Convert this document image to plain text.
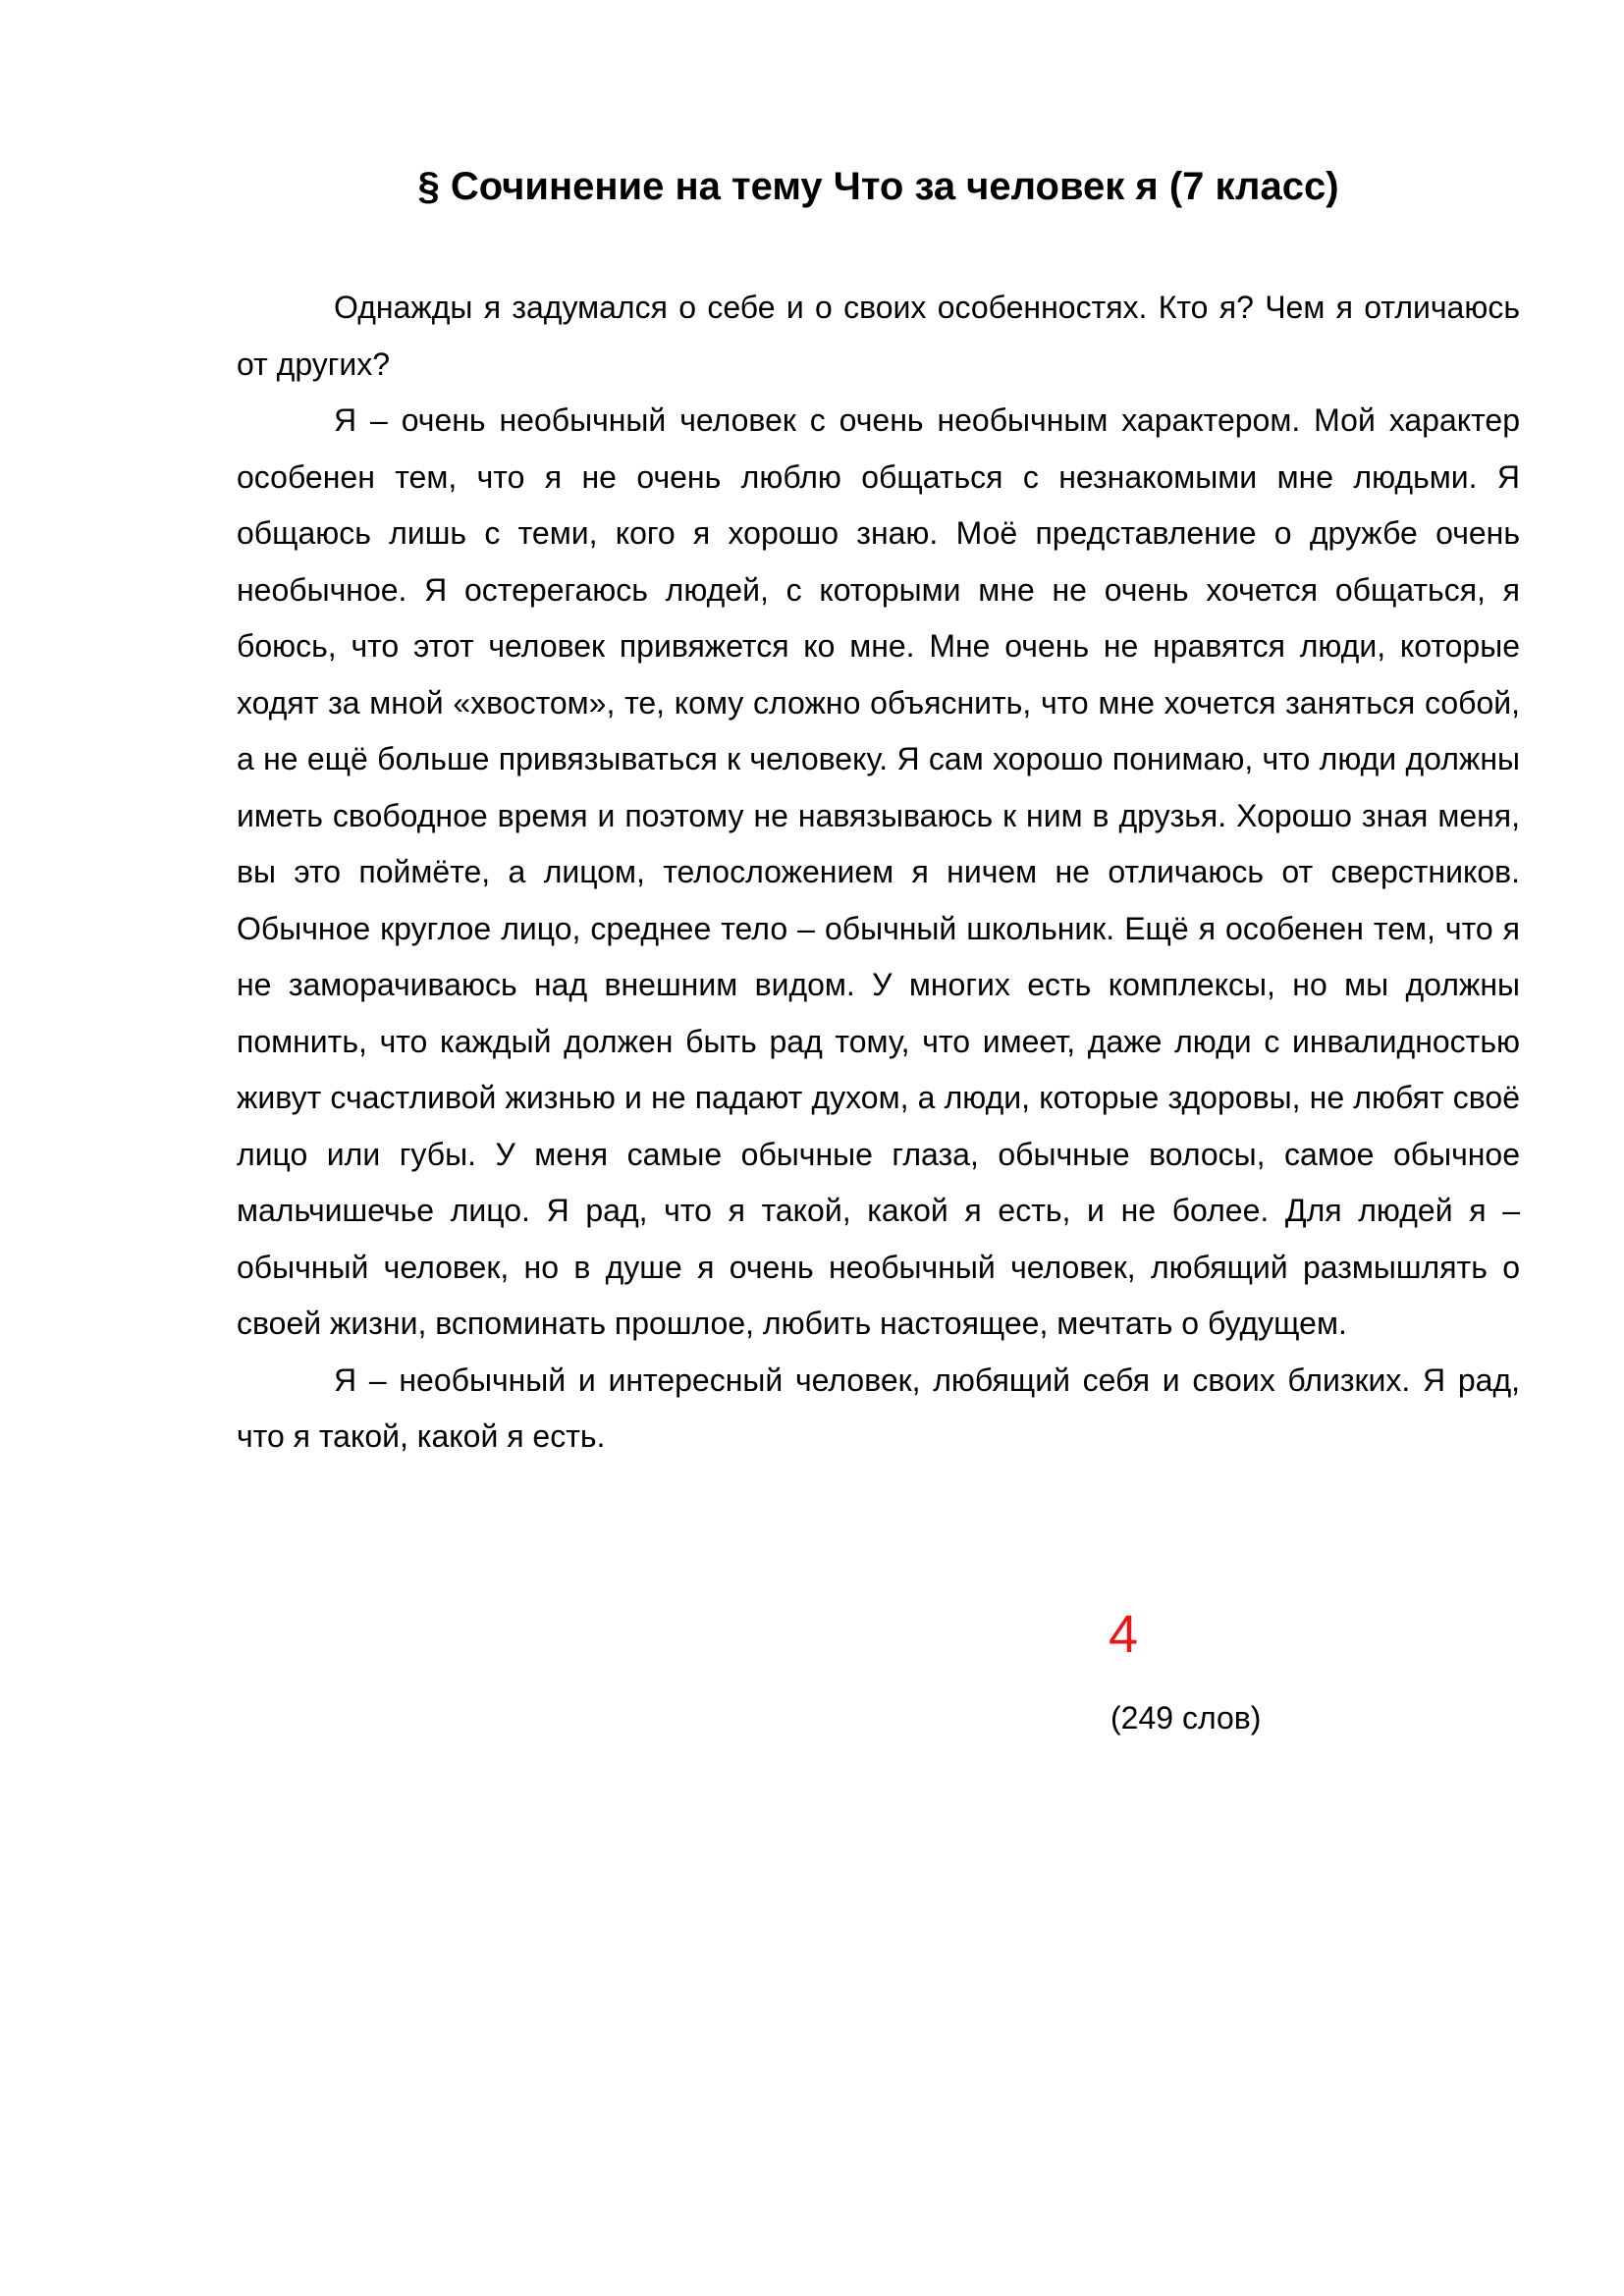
§ Сочинение на тему Что за человек я (7 класс)

Однажды я задумался о себе и о своих особенностях. Кто я? Чем я отличаюсь от других?

Я – очень необычный человек с очень необычным характером. Мой характер особенен тем, что я не очень люблю общаться с незнакомыми мне людьми. Я общаюсь лишь с теми, кого я хорошо знаю. Моё представление о дружбе очень необычное. Я остерегаюсь людей, с которыми мне не очень хочется общаться, я боюсь, что этот человек привяжется ко мне. Мне очень не нравятся люди, которые ходят за мной «хвостом», те, кому сложно объяснить, что мне хочется заняться собой, а не ещё больше привязываться к человеку. Я сам хорошо понимаю, что люди должны иметь свободное время и поэтому не навязываюсь к ним в друзья. Хорошо зная меня, вы это поймёте, а лицом, телосложением я ничем не отличаюсь от сверстников. Обычное круглое лицо, среднее тело – обычный школьник. Ещё я особенен тем, что я не заморачиваюсь над внешним видом. У многих есть комплексы, но мы должны помнить, что каждый должен быть рад тому, что имеет, даже люди с инвалидностью живут счастливой жизнью и не падают духом, а люди, которые здоровы, не любят своё лицо или губы. У меня самые обычные глаза, обычные волосы, самое обычное мальчишечье лицо. Я рад, что я такой, какой я есть, и не более. Для людей я – обычный человек, но в душе я очень необычный человек, любящий размышлять о своей жизни, вспоминать прошлое, любить настоящее, мечтать о будущем.

Я – необычный и интересный человек, любящий себя и своих близких. Я рад, что я такой, какой я есть.

4
(249 слов)
